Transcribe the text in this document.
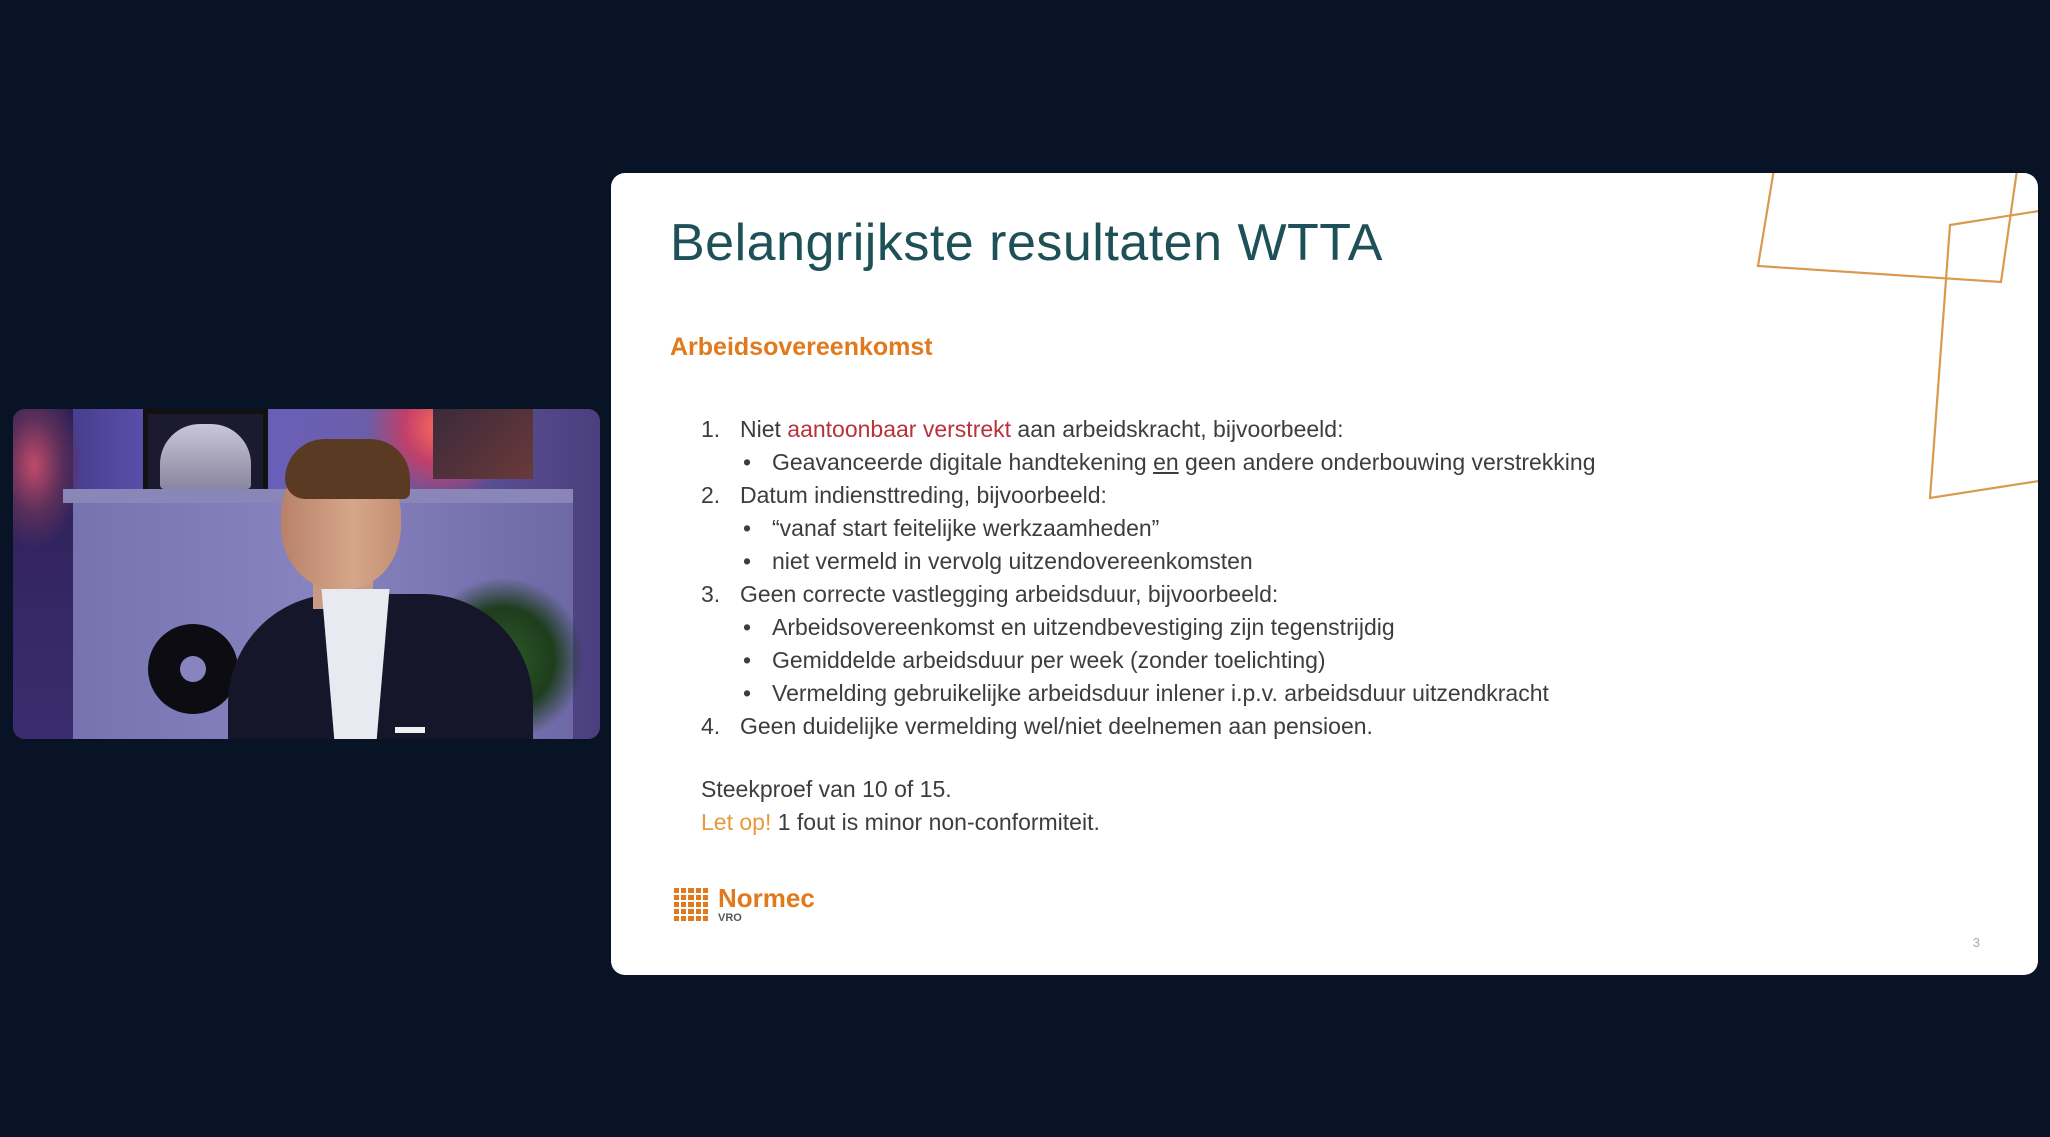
Belangrijkste resultaten WTTA
Arbeidsovereenkomst
1. Niet aantoonbaar verstrekt aan arbeidskracht, bijvoorbeeld:
• Geavanceerde digitale handtekening en geen andere onderbouwing verstrekking
2. Datum indiensttreding, bijvoorbeeld:
• “vanaf start feitelijke werkzaamheden”
• niet vermeld in vervolg uitzendovereenkomsten
3. Geen correcte vastlegging arbeidsduur, bijvoorbeeld:
• Arbeidsovereenkomst en uitzendbevestiging zijn tegenstrijdig
• Gemiddelde arbeidsduur per week (zonder toelichting)
• Vermelding gebruikelijke arbeidsduur inlener i.p.v. arbeidsduur uitzendkracht
4. Geen duidelijke vermelding wel/niet deelnemen aan pensioen.
Steekproef van 10 of 15.
Let op! 1 fout is minor non-conformiteit.
Normec
VRO
3
